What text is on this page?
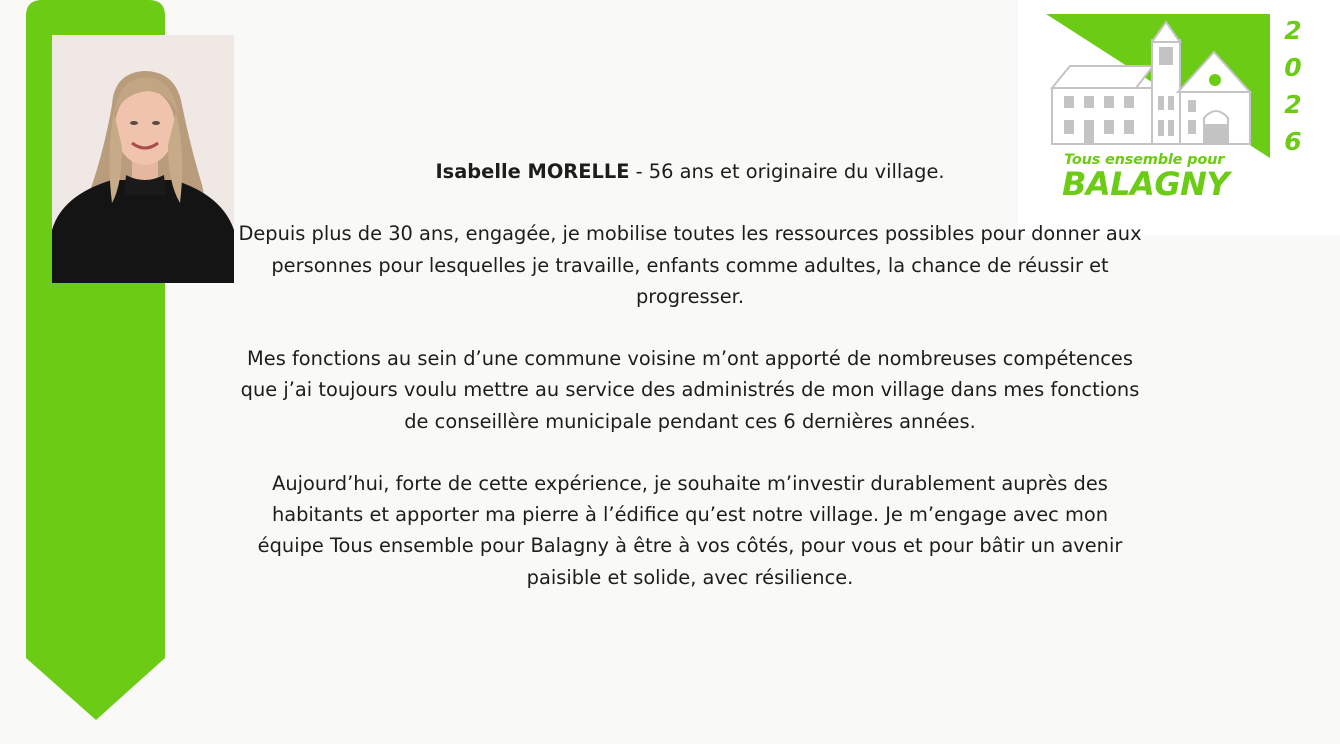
2
0
2
6
Tous ensemble pour
BALAGNY

Isabelle MORELLE - 56 ans et originaire du village.

Depuis plus de 30 ans, engagée, je mobilise toutes les ressources possibles pour donner aux personnes pour lesquelles je travaille, enfants comme adultes, la chance de réussir et progresser.

Mes fonctions au sein d’une commune voisine m’ont apporté de nombreuses compétences que j’ai toujours voulu mettre au service des administrés de mon village dans mes fonctions de conseillère municipale pendant ces 6 dernières années.

Aujourd’hui, forte de cette expérience, je souhaite m’investir durablement auprès des habitants et apporter ma pierre à l’édifice qu’est notre village. Je m’engage avec mon équipe Tous ensemble pour Balagny à être à vos côtés, pour vous et pour bâtir un avenir paisible et solide, avec résilience.
